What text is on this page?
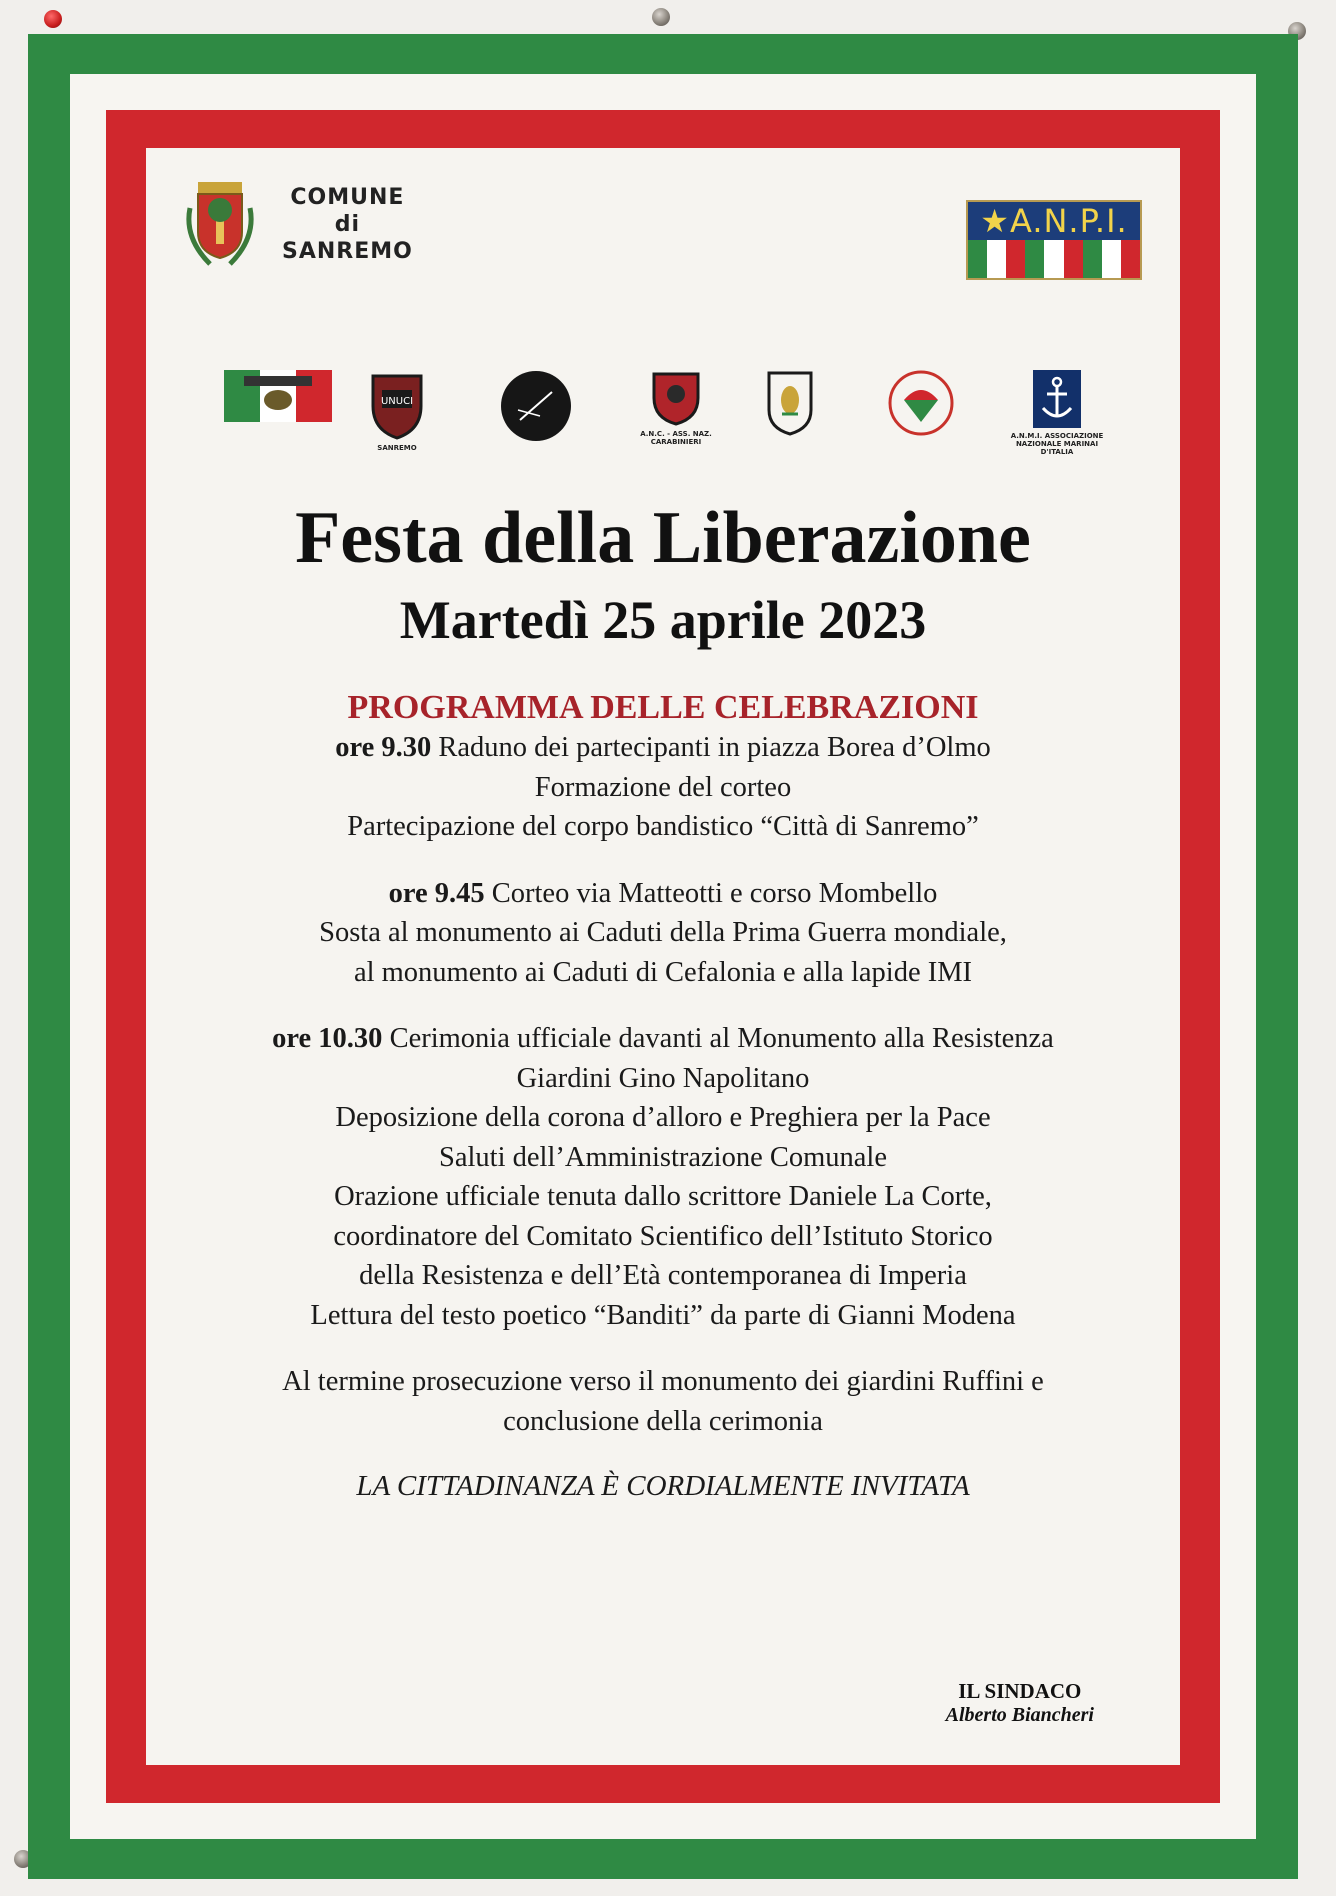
COMUNE
di
SANREMO
★A.N.P.I.
UNUCI
SANREMO
A.N.C. - ASS. NAZ. CARABINIERI
A.N.M.I. ASSOCIAZIONE NAZIONALE MARINAI D'ITALIA
Festa della Liberazione
Martedì 25 aprile 2023
PROGRAMMA DELLE CELEBRAZIONI

ore 9.30 Raduno dei partecipanti in piazza Borea d’Olmo

Formazione del corteo

Partecipazione del corpo bandistico “Città di Sanremo”

ore 9.45 Corteo via Matteotti e corso Mombello

Sosta al monumento ai Caduti della Prima Guerra mondiale,

al monumento ai Caduti di Cefalonia e alla lapide IMI

ore 10.30 Cerimonia ufficiale davanti al Monumento alla Resistenza

Giardini Gino Napolitano

Deposizione della corona d’alloro e Preghiera per la Pace

Saluti dell’Amministrazione Comunale

Orazione ufficiale tenuta dallo scrittore Daniele La Corte,

coordinatore del Comitato Scientifico dell’Istituto Storico

della Resistenza e dell’Età contemporanea di Imperia

Lettura del testo poetico “Banditi” da parte di Gianni Modena

Al termine prosecuzione verso il monumento dei giardini Ruffini e

conclusione della cerimonia

LA CITTADINANZA È CORDIALMENTE INVITATA
IL SINDACO
Alberto Biancheri
